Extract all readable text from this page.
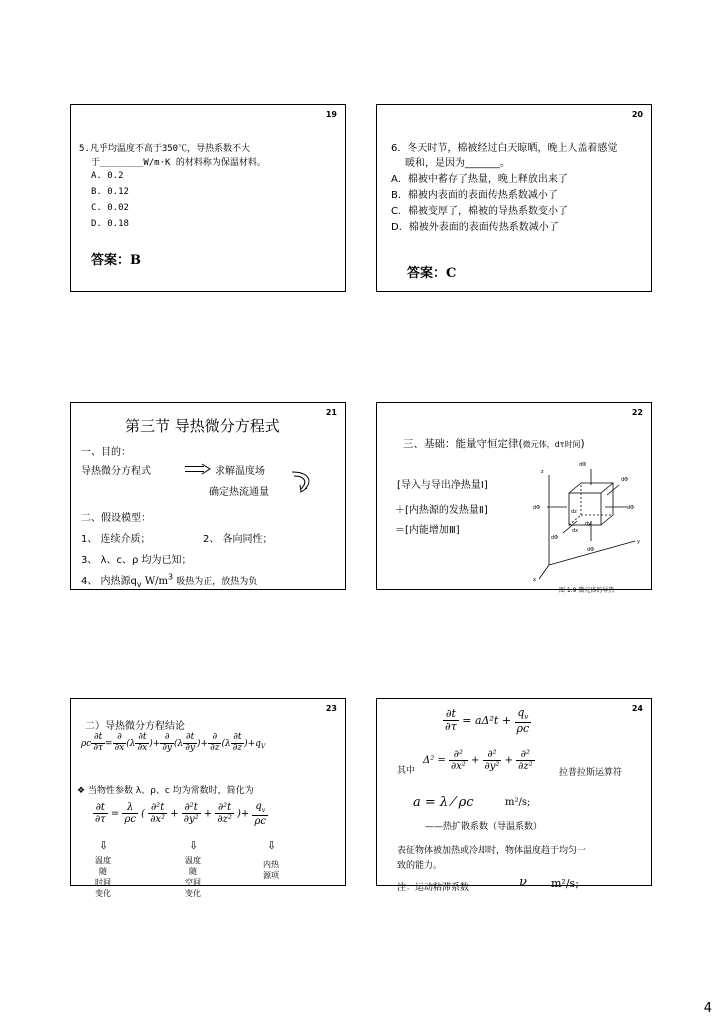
19
5.凡乎均温度不高于350℃，导热系数不大
于________W/m·K 的材料称为保温材料。
A. 0.2
B. 0.12
C. 0.02
D. 0.18
答案：B
20
6．冬天时节，棉被经过白天晾晒，晚上人盖着感觉
暖和，是因为_______。
A．棉被中蓄存了热量，晚上释放出来了
B．棉被内表面的表面传热系数减小了
C．棉被变厚了，棉被的导热系数变小了
D．棉被外表面的表面传热系数减小了
答案：C
21
第三节 导热微分方程式
一、目的：
导热微分方程式	求解温度场
确定热流通量
二、假设模型：
1、 连续介质；	2、 各向同性；
3、 λ、c、ρ 均为已知；
4、 内热源$q_v$ $W/m^3$ 吸热为正，放热为负
22
三、基础：能量守恒定律(微元体，dτ时间)
[导入与导出净热量Ⅰ]
＋[内热源的发热量Ⅱ]
＝[内能增加Ⅲ]
dΦ
dΦ
dΦ	dΦ
dΦ
dΦ
z
y
x
dx
dy
dz
图 1.9 微元体的导热
23
二）导热微分方程结论
ρc $\frac{\partial t}{\partial\tau} = \frac{\partial}{\partial x} (\lambda \frac{\partial t}{\partial x}$ )+ $\frac{\partial}{\partial y} (\lambda \frac{\partial t}{\partial y}$ )+ $\frac{\partial}{\partial z} (\lambda \frac{\partial t}{\partial z} )+q_V$
❖ 当物性参数 λ、ρ、c 均为常数时，简化为
$\frac{\partial t}{\partial\tau} = \frac{\lambda}{\rho c}$ ( $\frac{\text{∂²t}}{\text{∂x²}} + \frac{\text{∂²t}}{\text{∂y²}} + \frac{\text{∂²t}}{\text{∂z²}}$ )+ $\frac{q_v}{\rho c}$
⇩	⇩	⇩
温度
随
时间
变化
温度
随
空间
变化
内热
源项
24
$\frac{\partial t}{\partial\tau} = a\Delta^2t + \frac{q_v}{\rho c}$
其中
$\Delta^2 = \frac{\text{∂²}}{\text{∂x²}} + \frac{\text{∂²}}{\text{∂y²}} + \frac{\text{∂²}}{\text{∂z²}}$
拉普拉斯运算符
a = λ ⁄ ρc	m²/s;
——热扩散系数（导温系数）
表征物体被加热或冷却时，物体温度趋于均匀一
致的能力。
注：运动粘滞系数	ν m²/s;
4
